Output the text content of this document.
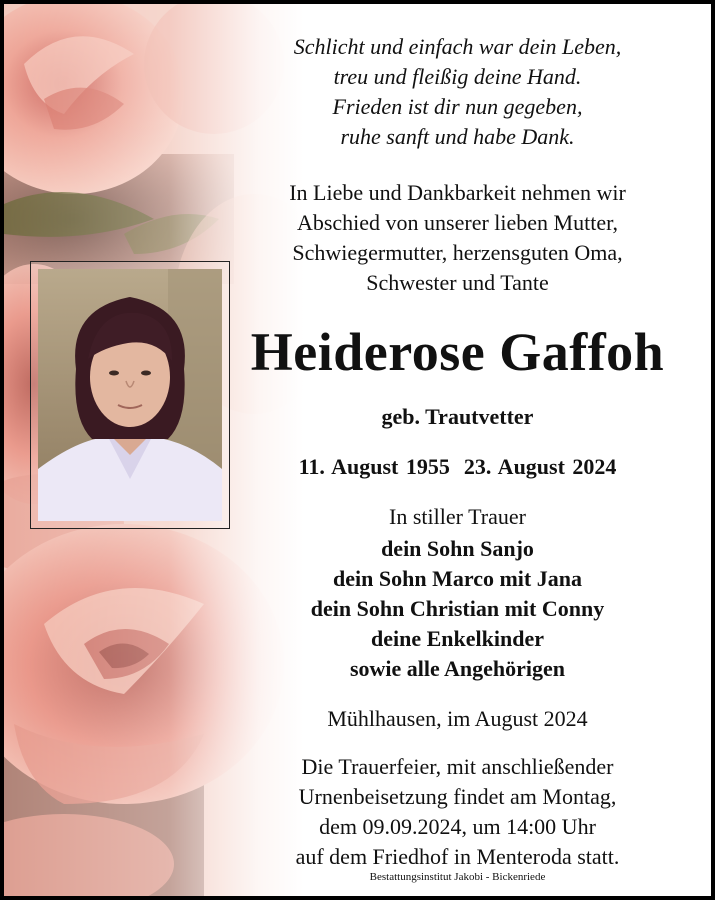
Schlicht und einfach war dein Leben,
treu und fleißig deine Hand.
Frieden ist dir nun gegeben,
ruhe sanft und habe Dank.
In Liebe und Dankbarkeit nehmen wir
Abschied von unserer lieben Mutter,
Schwiegermutter, herzensguten Oma,
Schwester und Tante
Heiderose Gaffoh
geb. Trautvetter
11. August 1955 23. August 2024
In stiller Trauer
dein Sohn Sanjo
dein Sohn Marco mit Jana
dein Sohn Christian mit Conny
deine Enkelkinder
sowie alle Angehörigen
Mühlhausen, im August 2024
Die Trauerfeier, mit anschließender
Urnenbeisetzung findet am Montag,
dem 09.09.2024, um 14:00 Uhr
auf dem Friedhof in Menteroda statt.
Bestattungsinstitut Jakobi - Bickenriede
